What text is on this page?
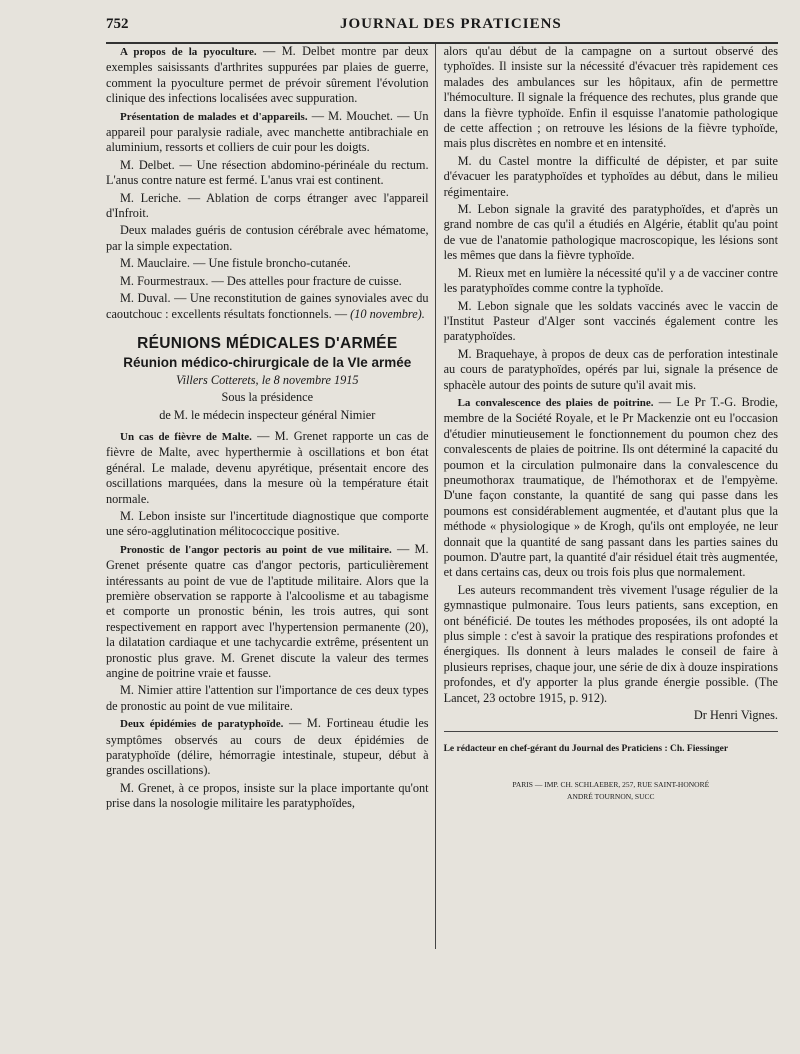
752	JOURNAL DES PRATICIENS

A propos de la pyoculture. — M. Delbet montre par deux exemples saisissants d'arthrites suppurées par plaies de guerre, comment la pyoculture permet de prévoir sûrement l'évolution clinique des infections localisées avec suppuration.

Présentation de malades et d'appareils. — M. Mouchet. — Un appareil pour paralysie radiale, avec manchette antibrachiale en aluminium, ressorts et colliers de cuir pour les doigts.

M. Delbet. — Une résection abdomino-périnéale du rectum. L'anus contre nature est fermé. L'anus vrai est continent.

M. Leriche. — Ablation de corps étranger avec l'appareil d'Infroit.

Deux malades guéris de contusion cérébrale avec hématome, par la simple expectation.

M. Mauclaire. — Une fistule broncho-cutanée.

M. Fourmestraux. — Des attelles pour fracture de cuisse.

M. Duval. — Une reconstitution de gaines synoviales avec du caoutchouc : excellents résultats fonctionnels. — (10 novembre).

RÉUNIONS MÉDICALES D'ARMÉE
Réunion médico-chirurgicale de la VIe armée

Villers Cotterets, le 8 novembre 1915

Sous la présidence

de M. le médecin inspecteur général Nimier

Un cas de fièvre de Malte. — M. Grenet rapporte un cas de fièvre de Malte, avec hyperthermie à oscillations et bon état général. Le malade, devenu apyrétique, présentait encore des oscillations marquées, dans la mesure où la température était normale.

M. Lebon insiste sur l'incertitude diagnostique que comporte une séro-agglutination mélitococcique positive.

Pronostic de l'angor pectoris au point de vue militaire. — M. Grenet présente quatre cas d'angor pectoris, particulièrement intéressants au point de vue de l'aptitude militaire. Alors que la première observation se rapporte à l'alcoolisme et au tabagisme et comporte un pronostic bénin, les trois autres, qui sont respectivement en rapport avec l'hypertension permanente (20), la dilatation cardiaque et une tachycardie extrême, présentent un pronostic plus grave. M. Grenet discute la valeur des termes angine de poitrine vraie et fausse.

M. Nimier attire l'attention sur l'importance de ces deux types de pronostic au point de vue militaire.

Deux épidémies de paratyphoïde. — M. Fortineau étudie les symptômes observés au cours de deux épidémies de paratyphoïde (délire, hémorragie intestinale, stupeur, début à grandes oscillations).

M. Grenet, à ce propos, insiste sur la place importante qu'ont prise dans la nosologie militaire les paratyphoïdes,

alors qu'au début de la campagne on a surtout observé des typhoïdes. Il insiste sur la nécessité d'évacuer très rapidement ces malades des ambulances sur les hôpitaux, afin de permettre l'hémoculture. Il signale la fréquence des rechutes, plus grande que dans la fièvre typhoïde. Enfin il esquisse l'anatomie pathologique de cette affection ; on retrouve les lésions de la fièvre typhoïde, mais plus discrètes en nombre et en intensité.

M. du Castel montre la difficulté de dépister, et par suite d'évacuer les paratyphoïdes et typhoïdes au début, dans le milieu régimentaire.

M. Lebon signale la gravité des paratyphoïdes, et d'après un grand nombre de cas qu'il a étudiés en Algérie, établit qu'au point de vue de l'anatomie pathologique macroscopique, les lésions sont les mêmes que dans la fièvre typhoïde.

M. Rieux met en lumière la nécessité qu'il y a de vacciner contre les paratyphoïdes comme contre la typhoïde.

M. Lebon signale que les soldats vaccinés avec le vaccin de l'Institut Pasteur d'Alger sont vaccinés également contre les paratyphoïdes.

M. Braquehaye, à propos de deux cas de perforation intestinale au cours de paratyphoïdes, opérés par lui, signale la présence de sphacèle autour des points de suture qu'il avait mis.

La convalescence des plaies de poitrine. — Le Pr T.-G. Brodie, membre de la Société Royale, et le Pr Mackenzie ont eu l'occasion d'étudier minutieusement le fonctionnement du poumon chez des convalescents de plaies de poitrine. Ils ont déterminé la capacité du poumon et la circulation pulmonaire dans la convalescence du pneumothorax traumatique, de l'hémothorax et de l'empyème. D'une façon constante, la quantité de sang qui passe dans les poumons est considérablement augmentée, et d'autant plus que la méthode « physiologique » de Krogh, qu'ils ont employée, ne leur donnait que la quantité de sang passant dans les parties saines du poumon. D'autre part, la quantité d'air résiduel était très augmentée, et dans certains cas, deux ou trois fois plus que normalement.

Les auteurs recommandent très vivement l'usage régulier de la gymnastique pulmonaire. Tous leurs patients, sans exception, en ont bénéficié. De toutes les méthodes proposées, ils ont adopté la plus simple : c'est à savoir la pratique des respirations profondes et énergiques. Ils donnent à leurs malades le conseil de faire à plusieurs reprises, chaque jour, une série de dix à douze inspirations profondes, et d'y apporter la plus grande énergie possible. (The Lancet, 23 octobre 1915, p. 912).

Dr Henri Vignes.

Le rédacteur en chef-gérant du Journal des Praticiens : Ch. Fiessinger

PARIS — IMP. CH. SCHLAEBER, 257, RUE SAINT-HONORÉ

ANDRÉ TOURNON, SUCC
